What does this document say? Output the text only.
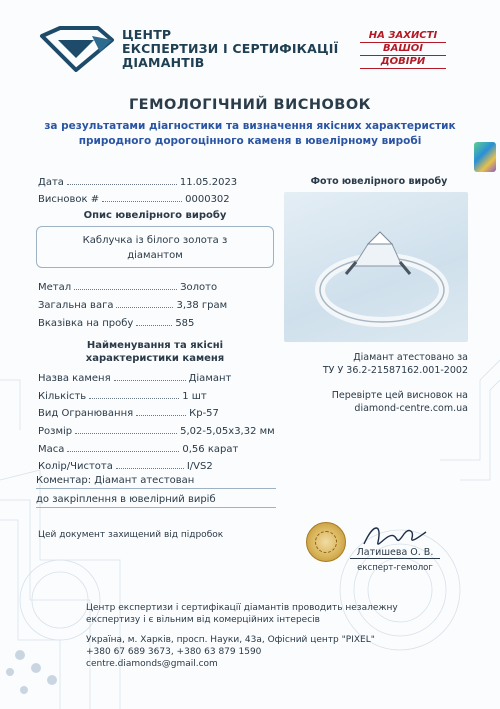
ЦЕНТР
ЕКСПЕРТИЗИ І СЕРТИФІКАЦІЇ
ДІАМАНТІВ
НА ЗАХИСТІ
ВАШОЇ
ДОВІРИ
ГЕМОЛОГІЧНИЙ ВИСНОВОК
за результатами діагностики та визначення якісних характеристик
природного дорогоцінного каменя в ювелірному виробі
Дата	11.05.2023
Висновок #	0000302
Опис ювелірного виробу
Каблучка із білого золота з
діамантом
Метал	Золото
Загальна вага	3,38 грам
Вказівка на пробу	585
Найменування та якісні
характеристики каменя
Назва каменя	Діамант
Кількість	1 шт
Вид Огранювання	Кр-57
Розмір	5,02-5,05х3,32 мм
Маса	0,56 карат
Колір/Чистота	I/VS2
Коментар: Діамант атестован
до закріплення в ювелірний виріб
Фото ювелірного виробу
Діамант атестовано за
ТУ У 36.2-21587162.001-2002
Перевірте цей висновок на
diamond-centre.com.ua
Цей документ захищений від підробок
Латишева О. В.
експерт-гемолог
Центр експертизи і сертифікації діамантів проводить незалежну
експертизу і є вільним від комерційних інтересів
Україна, м. Харків, просп. Науки, 43а, Офісний центр "PIXEL"
+380 67 689 3673, +380 63 879 1590
centre.diamonds@gmail.com
